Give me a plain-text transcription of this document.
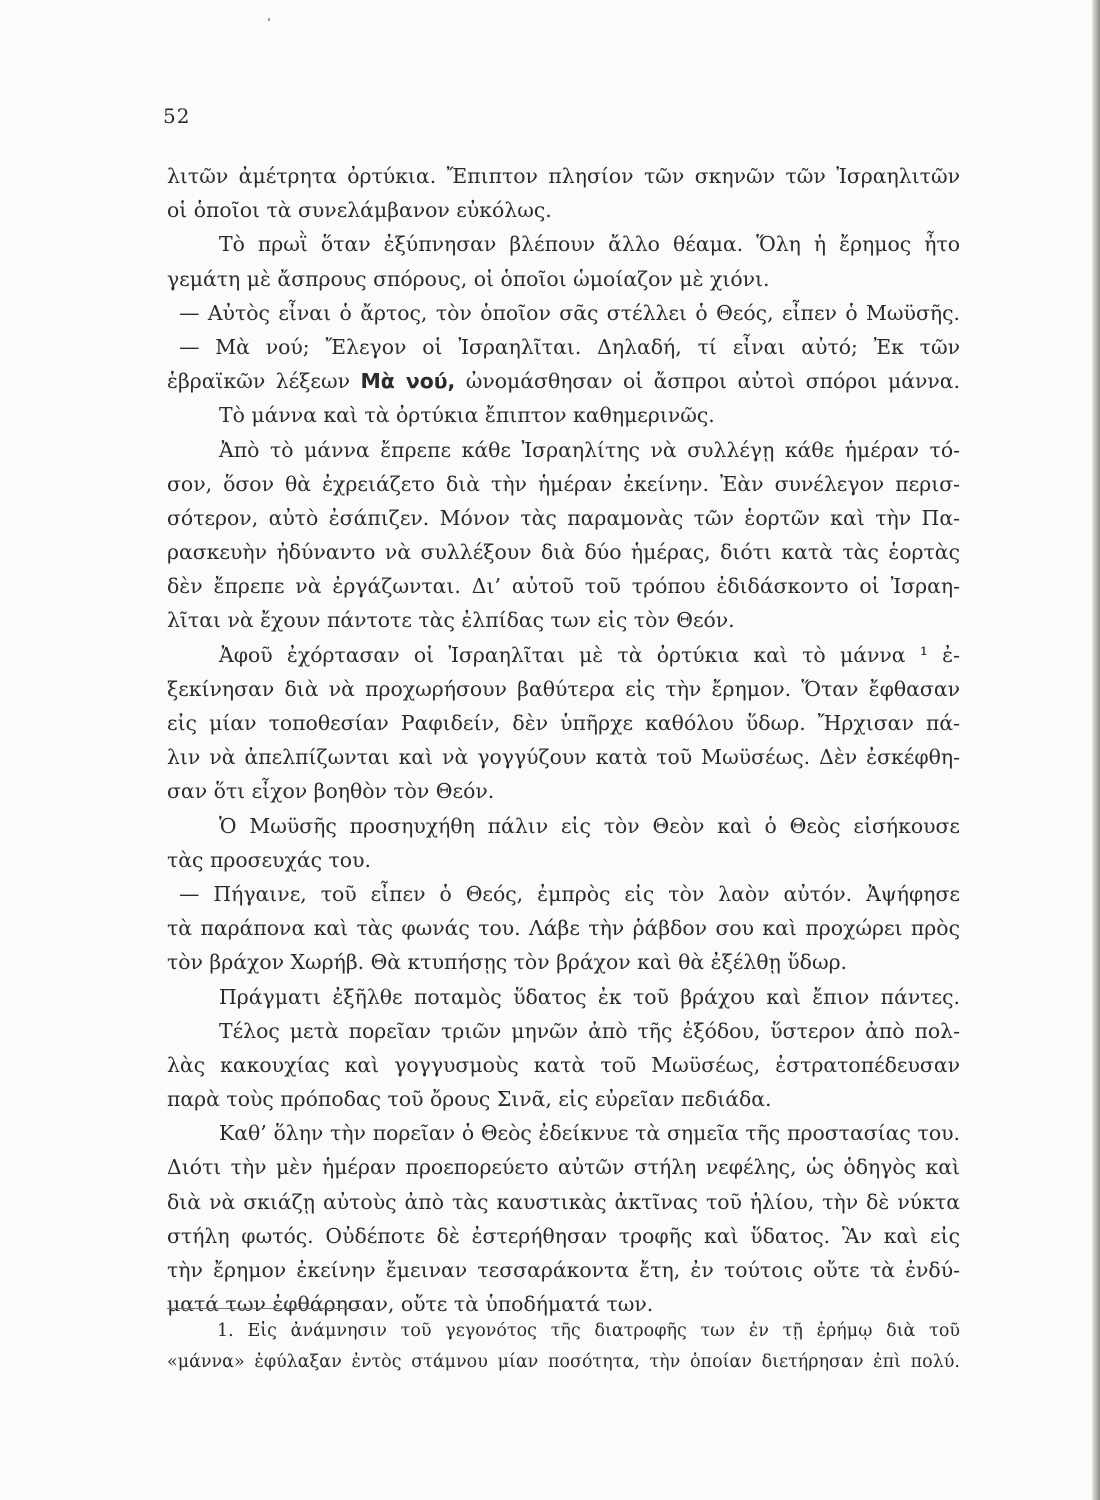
52
λιτῶν ἀμέτρητα ὀρτύκια. Ἔπιπτον πλησίον τῶν σκηνῶν τῶν Ἰσραηλιτῶν
οἱ ὁποῖοι τὰ συνελάμβανον εὐκόλως.
Τὸ πρωῒ ὅταν ἐξύπνησαν βλέπουν ἄλλο θέαμα. Ὅλη ἡ ἔρημος ἦτο
γεμάτη μὲ ἄσπρους σπόρους, οἱ ὁποῖοι ὡμοίαζον μὲ χιόνι.
— Αὐτὸς εἶναι ὁ ἄρτος, τὸν ὁποῖον σᾶς στέλλει ὁ Θεός, εἶπεν ὁ Μωϋσῆς.
— Μὰ νού; Ἔλεγον οἱ Ἰσραηλῖται. Δηλαδή, τί εἶναι αὐτό; Ἐκ τῶν
ἑβραϊκῶν λέξεων Μὰ νού, ὠνομάσθησαν οἱ ἄσπροι αὐτοὶ σπόροι μάννα.
Τὸ μάννα καὶ τὰ ὀρτύκια ἔπιπτον καθημερινῶς.
Ἀπὸ τὸ μάννα ἔπρεπε κάθε Ἰσραηλίτης νὰ συλλέγῃ κάθε ἡμέραν τό-
σον, ὅσον θὰ ἐχρειάζετο διὰ τὴν ἡμέραν ἐκείνην. Ἐὰν συνέλεγον περισ-
σότερον, αὐτὸ ἐσάπιζεν. Μόνον τὰς παραμονὰς τῶν ἑορτῶν καὶ τὴν Πα-
ρασκευὴν ἠδύναντο νὰ συλλέξουν διὰ δύο ἡμέρας, διότι κατὰ τὰς ἑορτὰς
δὲν ἔπρεπε νὰ ἐργάζωνται. Δι’ αὐτοῦ τοῦ τρόπου ἐδιδάσκοντο οἱ Ἰσραη-
λῖται νὰ ἔχουν πάντοτε τὰς ἐλπίδας των εἰς τὸν Θεόν.
Ἀφοῦ ἐχόρτασαν οἱ Ἰσραηλῖται μὲ τὰ ὀρτύκια καὶ τὸ μάννα ¹ ἐ-
ξεκίνησαν διὰ νὰ προχωρήσουν βαθύτερα εἰς τὴν ἔρημον. Ὅταν ἔφθασαν
εἰς μίαν τοποθεσίαν Ραφιδείν, δὲν ὑπῆρχε καθόλου ὕδωρ. Ἤρχισαν πά-
λιν νὰ ἀπελπίζωνται καὶ νὰ γογγύζουν κατὰ τοῦ Μωϋσέως. Δὲν ἐσκέφθη-
σαν ὅτι εἶχον βοηθὸν τὸν Θεόν.
Ὁ Μωϋσῆς προσηυχήθη πάλιν εἰς τὸν Θεὸν καὶ ὁ Θεὸς εἰσήκουσε
τὰς προσευχάς του.
— Πήγαινε, τοῦ εἶπεν ὁ Θεός, ἐμπρὸς εἰς τὸν λαὸν αὐτόν. Ἀψήφησε
τὰ παράπονα καὶ τὰς φωνάς του. Λάβε τὴν ῥάβδον σου καὶ προχώρει πρὸς
τὸν βράχον Χωρήβ. Θὰ κτυπήσῃς τὸν βράχον καὶ θὰ ἐξέλθῃ ὕδωρ.
Πράγματι ἐξῆλθε ποταμὸς ὕδατος ἐκ τοῦ βράχου καὶ ἔπιον πάντες.
Τέλος μετὰ πορεῖαν τριῶν μηνῶν ἀπὸ τῆς ἐξόδου, ὕστερον ἀπὸ πολ-
λὰς κακουχίας καὶ γογγυσμοὺς κατὰ τοῦ Μωϋσέως, ἐστρατοπέδευσαν
παρὰ τοὺς πρόποδας τοῦ ὄρους Σινᾶ, εἰς εὐρεῖαν πεδιάδα.
Καθ’ ὅλην τὴν πορεῖαν ὁ Θεὸς ἐδείκνυε τὰ σημεῖα τῆς προστασίας του.
Διότι τὴν μὲν ἡμέραν προεπορεύετο αὐτῶν στήλη νεφέλης, ὡς ὁδηγὸς καὶ
διὰ νὰ σκιάζῃ αὐτοὺς ἀπὸ τὰς καυστικὰς ἀκτῖνας τοῦ ἡλίου, τὴν δὲ νύκτα
στήλη φωτός. Οὐδέποτε δὲ ἐστερήθησαν τροφῆς καὶ ὕδατος. Ἂν καὶ εἰς
τὴν ἔρημον ἐκείνην ἔμειναν τεσσαράκοντα ἔτη, ἐν τούτοις οὔτε τὰ ἐνδύ-
ματά των ἐφθάρησαν, οὔτε τὰ ὑποδήματά των.
1. Εἰς ἀνάμνησιν τοῦ γεγονότος τῆς διατροφῆς των ἐν τῇ ἐρήμῳ διὰ τοῦ
«μάννα» ἐφύλαξαν ἐντὸς στάμνου μίαν ποσότητα, τὴν ὁποίαν διετήρησαν ἐπὶ πολύ.
